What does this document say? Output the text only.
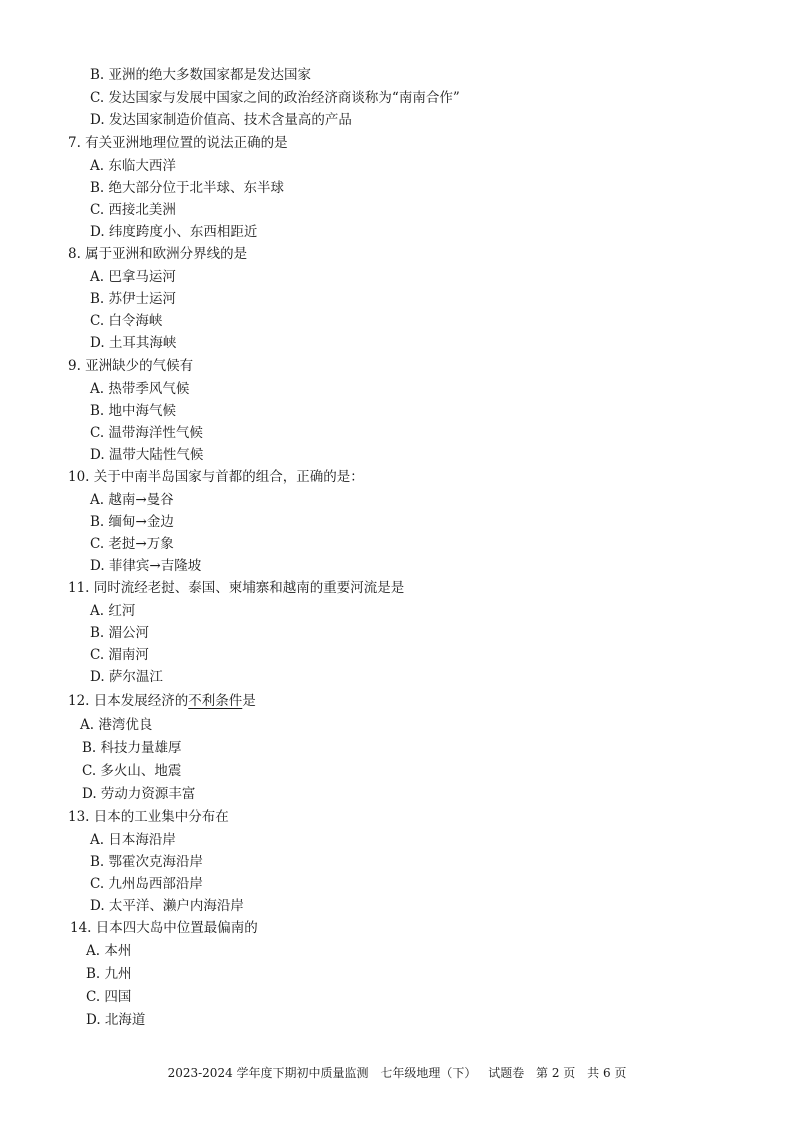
B. 亚洲的绝大多数国家都是发达国家
C. 发达国家与发展中国家之间的政治经济商谈称为“南南合作”
D. 发达国家制造价值高、技术含量高的产品
7. 有关亚洲地理位置的说法正确的是
A. 东临大西洋
B. 绝大部分位于北半球、东半球
C. 西接北美洲
D. 纬度跨度小、东西相距近
8. 属于亚洲和欧洲分界线的是
A. 巴拿马运河
B. 苏伊士运河
C. 白令海峡
D. 土耳其海峡
9. 亚洲缺少的气候有
A. 热带季风气候
B. 地中海气候
C. 温带海洋性气候
D. 温带大陆性气候
10. 关于中南半岛国家与首都的组合，正确的是：
A. 越南→曼谷
B. 缅甸→金边
C. 老挝→万象
D. 菲律宾→吉隆坡
11. 同时流经老挝、泰国、柬埔寨和越南的重要河流是是
A. 红河
B. 湄公河
C. 湄南河
D. 萨尔温江
12. 日本发展经济的不利条件是
A. 港湾优良
B. 科技力量雄厚
C. 多火山、地震
D. 劳动力资源丰富
13. 日本的工业集中分布在
A. 日本海沿岸
B. 鄂霍次克海沿岸
C. 九州岛西部沿岸
D. 太平洋、濑户内海沿岸
14. 日本四大岛中位置最偏南的
A. 本州
B. 九州
C. 四国
D. 北海道
2023-2024 学年度下期初中质量监测 七年级地理（下） 试题卷 第 2 页 共 6 页
